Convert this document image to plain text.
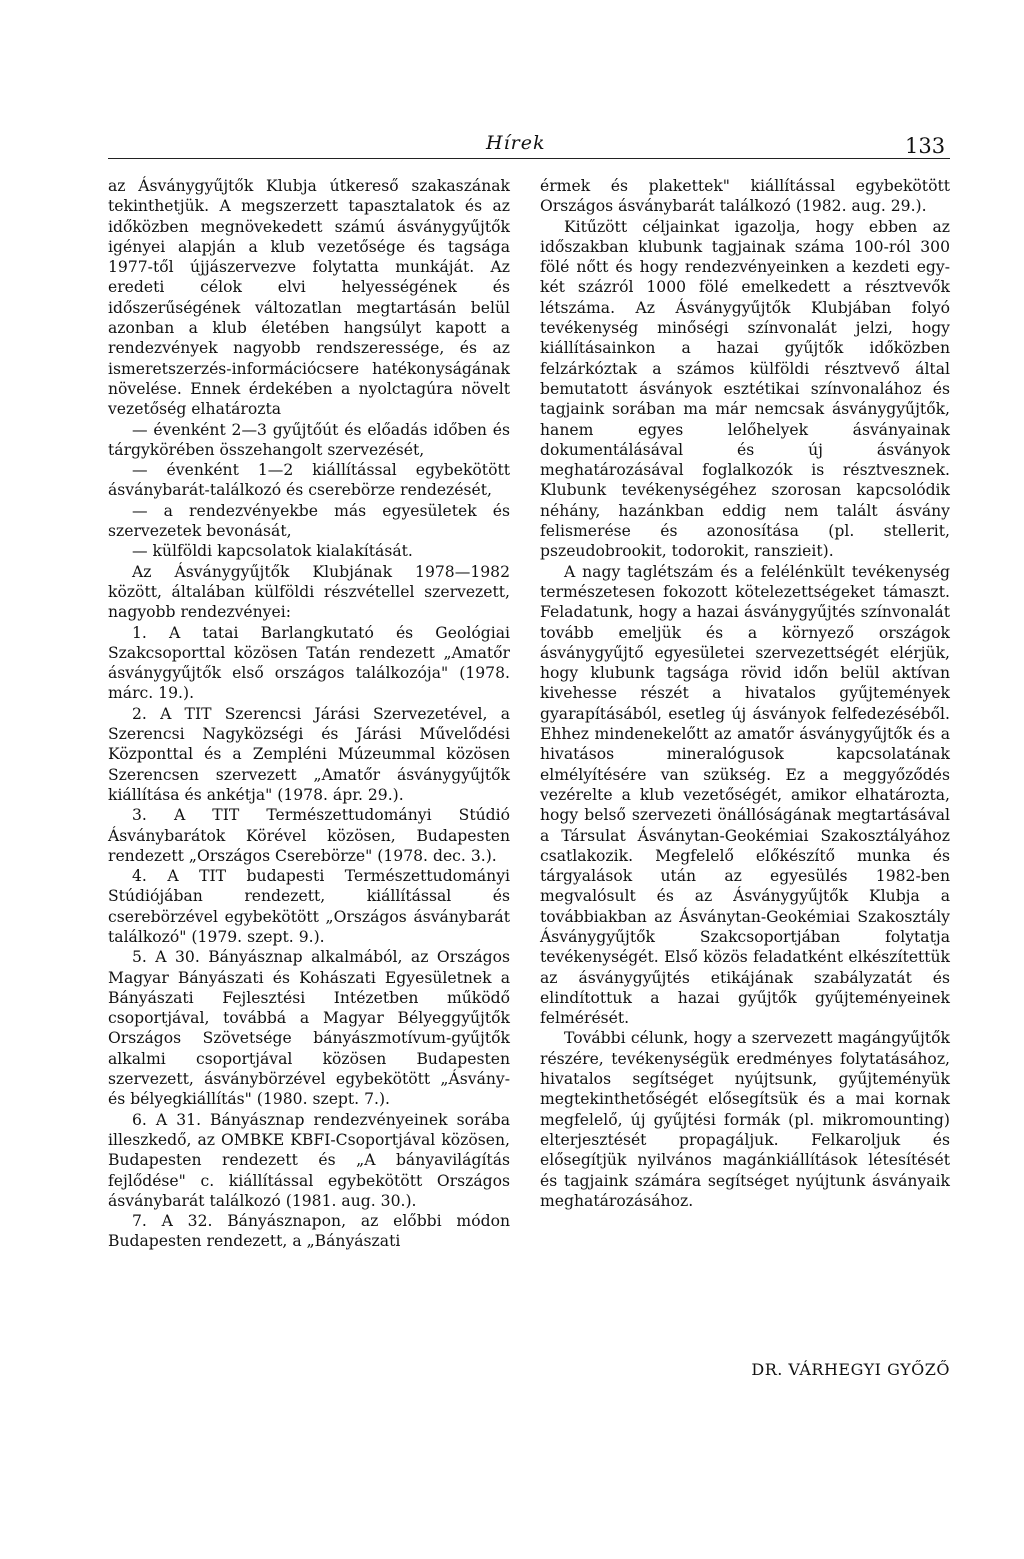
Hírek	133

az Ásványgyűjtők Klubja útkereső szakaszának tekinthetjük. A megszerzett tapasztalatok és az időközben megnövekedett számú ásványgyűjtők igényei alapján a klub vezetősége és tagsága 1977-től újjászervezve folytatta munkáját. Az eredeti célok elvi helyességének és időszerűségének változatlan megtartásán belül azonban a klub életében hangsúlyt kapott a rendezvények nagyobb rendszeressége, és az ismeretszerzés-információcsere hatékonyságának növelése. Ennek érdekében a nyolctagúra növelt vezetőség elhatározta

— évenként 2—3 gyűjtőút és előadás időben és tárgykörében összehangolt szervezését,

— évenként 1—2 kiállítással egybekötött ásványbarát-találkozó és cserebörze rendezését,

— a rendezvényekbe más egyesületek és szervezetek bevonását,

— külföldi kapcsolatok kialakítását.

Az Ásványgyűjtők Klubjának 1978—1982 között, általában külföldi részvétellel szervezett, nagyobb rendezvényei:

1. A tatai Barlangkutató és Geológiai Szakcsoporttal közösen Tatán rendezett „Amatőr ásványgyűjtők első országos találkozója" (1978. márc. 19.).

2. A TIT Szerencsi Járási Szervezetével, a Szerencsi Nagyközségi és Járási Művelődési Központtal és a Zempléni Múzeummal közösen Szerencsen szervezett „Amatőr ásványgyűjtők kiállítása és ankétja" (1978. ápr. 29.).

3. A TIT Természettudományi Stúdió Ásványbarátok Körével közösen, Budapesten rendezett „Országos Cserebörze" (1978. dec. 3.).

4. A TIT budapesti Természettudományi Stúdiójában rendezett, kiállítással és cserebörzével egybekötött „Országos ásványbarát találkozó" (1979. szept. 9.).

5. A 30. Bányásznap alkalmából, az Országos Magyar Bányászati és Kohászati Egyesületnek a Bányászati Fejlesztési Intézetben működő csoportjával, továbbá a Magyar Bélyeggyűjtők Országos Szövetsége bányászmotívum-gyűjtők alkalmi csoportjával közösen Budapesten szervezett, ásványbörzével egybekötött „Ásvány- és bélyegkiállítás" (1980. szept. 7.).

6. A 31. Bányásznap rendezvényeinek sorába illeszkedő, az OMBKE KBFI-Csoportjával közösen, Budapesten rendezett és „A bányavilágítás fejlődése" c. kiállítással egybekötött Országos ásványbarát találkozó (1981. aug. 30.).

7. A 32. Bányásznapon, az előbbi módon Budapesten rendezett, a „Bányászati

érmek és plakettek" kiállítással egybekötött Országos ásványbarát találkozó (1982. aug. 29.).

Kitűzött céljainkat igazolja, hogy ebben az időszakban klubunk tagjainak száma 100-ról 300 fölé nőtt és hogy rendezvényeinken a kezdeti egy-két százról 1000 fölé emelkedett a résztvevők létszáma. Az Ásványgyűjtők Klubjában folyó tevékenység minőségi színvonalát jelzi, hogy kiállításainkon a hazai gyűjtők időközben felzárkóztak a számos külföldi résztvevő által bemutatott ásványok esztétikai színvonalához és tagjaink sorában ma már nemcsak ásványgyűjtők, hanem egyes lelőhelyek ásványainak dokumentálásával és új ásványok meghatározásával foglalkozók is résztvesznek. Klubunk tevékenységéhez szorosan kapcsolódik néhány, hazánkban eddig nem talált ásvány felismerése és azonosítása (pl. stellerit, pszeudobrookit, todorokit, ranszieit).

A nagy taglétszám és a felélénkült tevékenység természetesen fokozott kötelezettségeket támaszt. Feladatunk, hogy a hazai ásványgyűjtés színvonalát tovább emeljük és a környező országok ásványgyűjtő egyesületei szervezettségét elérjük, hogy klubunk tagsága rövid időn belül aktívan kivehesse részét a hivatalos gyűjtemények gyarapításából, esetleg új ásványok felfedezéséből. Ehhez mindenekelőtt az amatőr ásványgyűjtők és a hivatásos mineralógusok kapcsolatának elmélyítésére van szükség. Ez a meggyőződés vezérelte a klub vezetőségét, amikor elhatározta, hogy belső szervezeti önállóságának megtartásával a Társulat Ásványtan-Geokémiai Szakosztályához csatlakozik. Megfelelő előkészítő munka és tárgyalások után az egyesülés 1982-ben megvalósult és az Ásványgyűjtők Klubja a továbbiakban az Ásványtan-Geokémiai Szakosztály Ásványgyűjtők Szakcsoportjában folytatja tevékenységét. Első közös feladatként elkészítettük az ásványgyűjtés etikájának szabályzatát és elindítottuk a hazai gyűjtők gyűjteményeinek felmérését.

További célunk, hogy a szervezett magángyűjtők részére, tevékenységük eredményes folytatásához, hivatalos segítséget nyújtsunk, gyűjteményük megtekinthetőségét elősegítsük és a mai kornak megfelelő, új gyűjtési formák (pl. mikromounting) elterjesztését propagáljuk. Felkaroljuk és elősegítjük nyilvános magánkiállítások létesítését és tagjaink számára segítséget nyújtunk ásványaik meghatározásához.

DR. VÁRHEGYI GYŐZŐ
